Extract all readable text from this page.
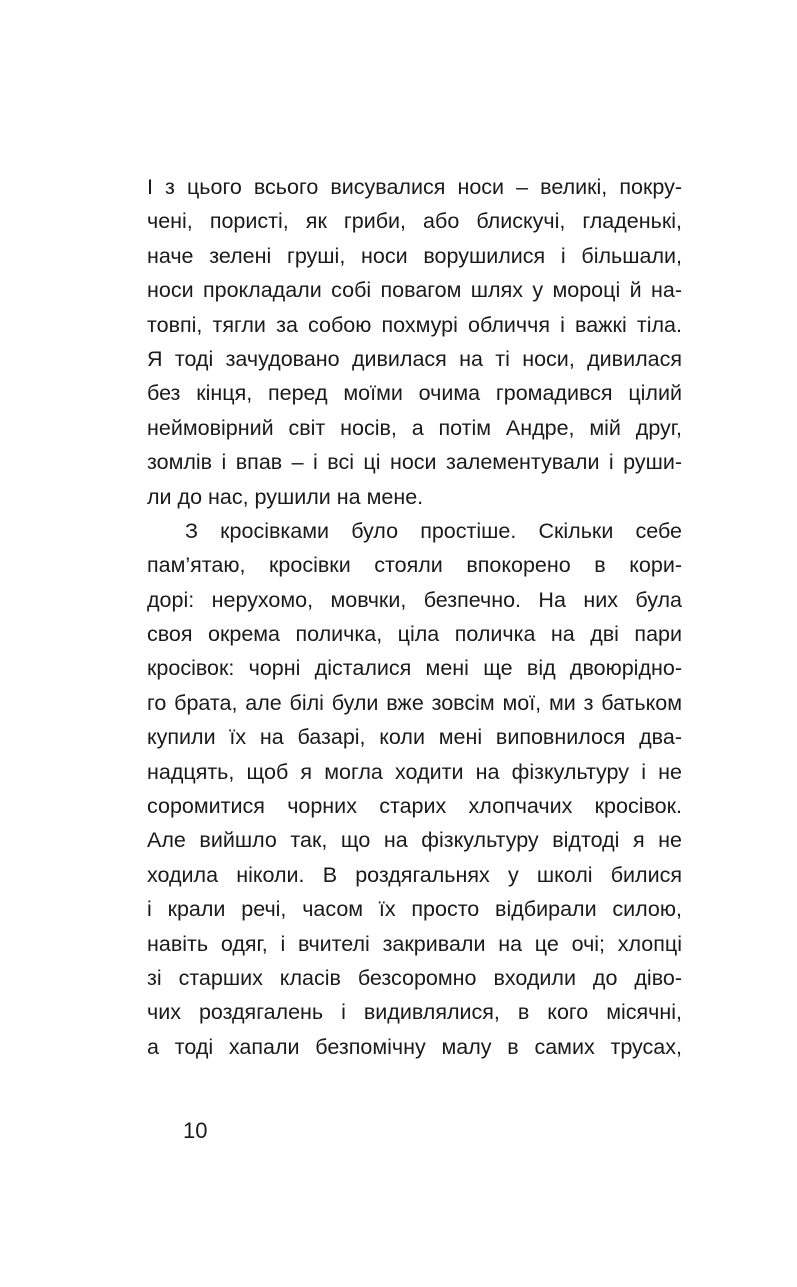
І з цього всього висувалися носи – великі, покру-
чені, пористі, як гриби, або блискучі, гладенькі,
наче зелені груші, носи ворушилися і більшали,
носи прокладали собі повагом шлях у мороці й на-
товпі, тягли за собою похмурі обличчя і важкі тіла.
Я тоді зачудовано дивилася на ті носи, дивилася
без кінця, перед моїми очима громадився цілий
неймовірний світ носів, а потім Андре, мій друг,
зомлів і впав – і всі ці носи залементували і руши-
ли до нас, рушили на мене.
З кросівками було простіше. Скільки себе
пам’ятаю, кросівки стояли впокорено в кори-
дорі: нерухомо, мовчки, безпечно. На них була
своя окрема поличка, ціла поличка на дві пари
кросівок: чорні дісталися мені ще від двоюрідно-
го брата, але білі були вже зовсім мої, ми з батьком
купили їх на базарі, коли мені виповнилося два-
надцять, щоб я могла ходити на фізкультуру і не
соромитися чорних старих хлопчачих кросівок.
Але вийшло так, що на фізкультуру відтоді я не
ходила ніколи. В роздягальнях у школі билися
і крали речі, часом їх просто відбирали силою,
навіть одяг, і вчителі закривали на це очі; хлопці
зі старших класів безсоромно входили до діво-
чих роздягалень і видивлялися, в кого місячні,
а тоді хапали безпомічну малу в самих трусах,
10
